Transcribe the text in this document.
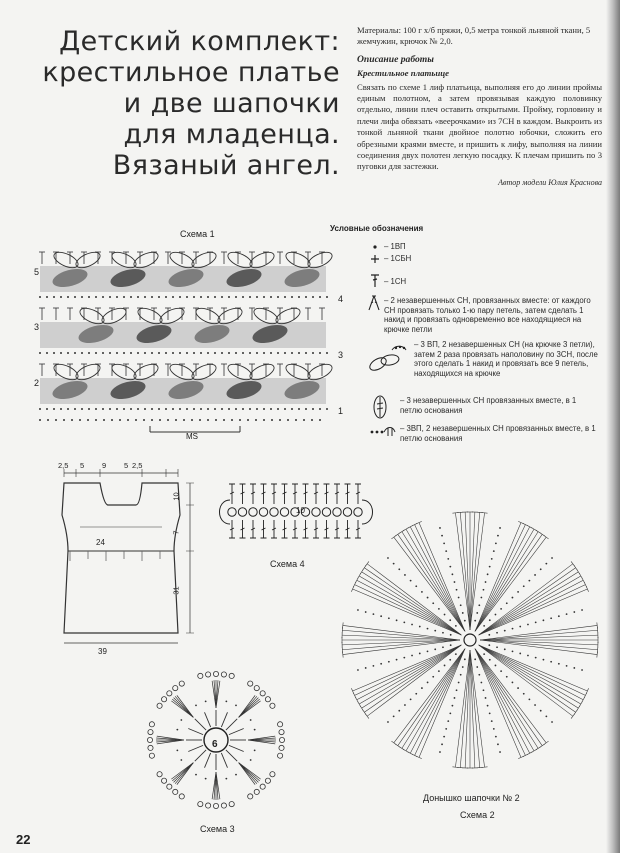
Детский комплект:
крестильное платье
и две шапочки
для младенца.
Вязаный ангел.
Материалы: 100 г х/б пряжи, 0,5 метра тонкой льняной ткани, 5 жемчужин, крючок № 2,0.
Описание работы
Крестильное платьице
Связать по схеме 1 лиф платьица, выполняя его до линии проймы единым полотном, а затем провязывая каждую половинку отдельно, линии плеч оставить открытыми. Пройму, горловину и плечи лифа обвязать «веерочками» из 7СН в каждом. Выкроить из тонкой льняной ткани двойное полотно юбочки, сложить его обрезными краями вместе, и пришить к лифу, выполняя на линии соединения двух полотен легкую посадку. К плечам пришить по 3 пуговки для застежки.
Автор модели Юлия Краснова
Схема 1
5
3
2
4
3
1
MS
Условные обозначения
– 1ВП
– 1СБН
– 1СН
– 2 незавершенных СН, провязанных вместе: от каждого СН провязать только 1-ю пару петель, затем сделать 1 накид и провязать одновременно все находящиеся на крючке петли
– 3 ВП, 2 незавершенных СН (на крючке 3 петли), затем 2 раза провязать наполовину по 3СН, после этого сделать 1 накид и провязать все 9 петель, находящихся на крючке
– 3 незавершенных СН провязанных вместе, в 1 петлю основания
– 3ВП, 2 незавершенных СН провязанных вместе, в 1 петлю основания
2,5 5 9 5 2,5
10
7
31
24
39
10
Схема 4
Донышко шапочки № 2
Схема 2
6
Схема 3
22
